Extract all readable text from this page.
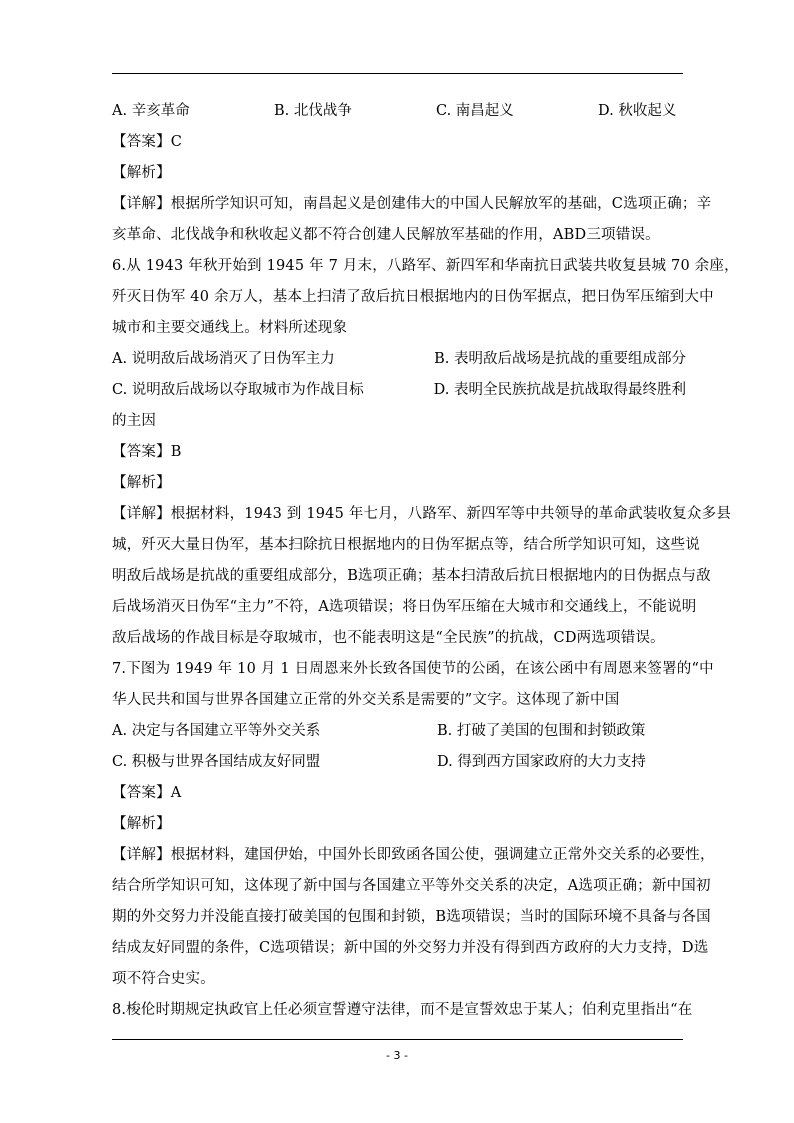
A. 辛亥革命	B. 北伐战争	C. 南昌起义	D. 秋收起义
【答案】C
【解析】
【详解】根据所学知识可知，南昌起义是创建伟大的中国人民解放军的基础，C选项正确；辛
亥革命、北伐战争和秋收起义都不符合创建人民解放军基础的作用，ABD三项错误。
6.从 1943 年秋开始到 1945 年 7 月末，八路军、新四军和华南抗日武装共收复县城 70 余座，
歼灭日伪军 40 余万人，基本上扫清了敌后抗日根据地内的日伪军据点，把日伪军压缩到大中
城市和主要交通线上。材料所述现象
A. 说明敌后战场消灭了日伪军主力	B. 表明敌后战场是抗战的重要组成部分
C. 说明敌后战场以夺取城市为作战目标	D. 表明全民族抗战是抗战取得最终胜利
的主因
【答案】B
【解析】
【详解】根据材料，1943 到 1945 年七月，八路军、新四军等中共领导的革命武装收复众多县
城，歼灭大量日伪军，基本扫除抗日根据地内的日伪军据点等，结合所学知识可知，这些说
明敌后战场是抗战的重要组成部分，B选项正确；基本扫清敌后抗日根据地内的日伪据点与敌
后战场消灭日伪军“主力”不符，A选项错误；将日伪军压缩在大城市和交通线上，不能说明
敌后战场的作战目标是夺取城市，也不能表明这是“全民族”的抗战，CD两选项错误。
7.下图为 1949 年 10 月 1 日周恩来外长致各国使节的公函，在该公函中有周恩来签署的“中
华人民共和国与世界各国建立正常的外交关系是需要的”文字。这体现了新中国
A. 决定与各国建立平等外交关系	B. 打破了美国的包围和封锁政策
C. 积极与世界各国结成友好同盟	D. 得到西方国家政府的大力支持
【答案】A
【解析】
【详解】根据材料，建国伊始，中国外长即致函各国公使，强调建立正常外交关系的必要性，
结合所学知识可知，这体现了新中国与各国建立平等外交关系的决定，A选项正确；新中国初
期的外交努力并没能直接打破美国的包围和封锁，B选项错误；当时的国际环境不具备与各国
结成友好同盟的条件，C选项错误；新中国的外交努力并没有得到西方政府的大力支持，D选
项不符合史实。
8.梭伦时期规定执政官上任必须宣誓遵守法律，而不是宣誓效忠于某人；伯利克里指出“在
- 3 -
